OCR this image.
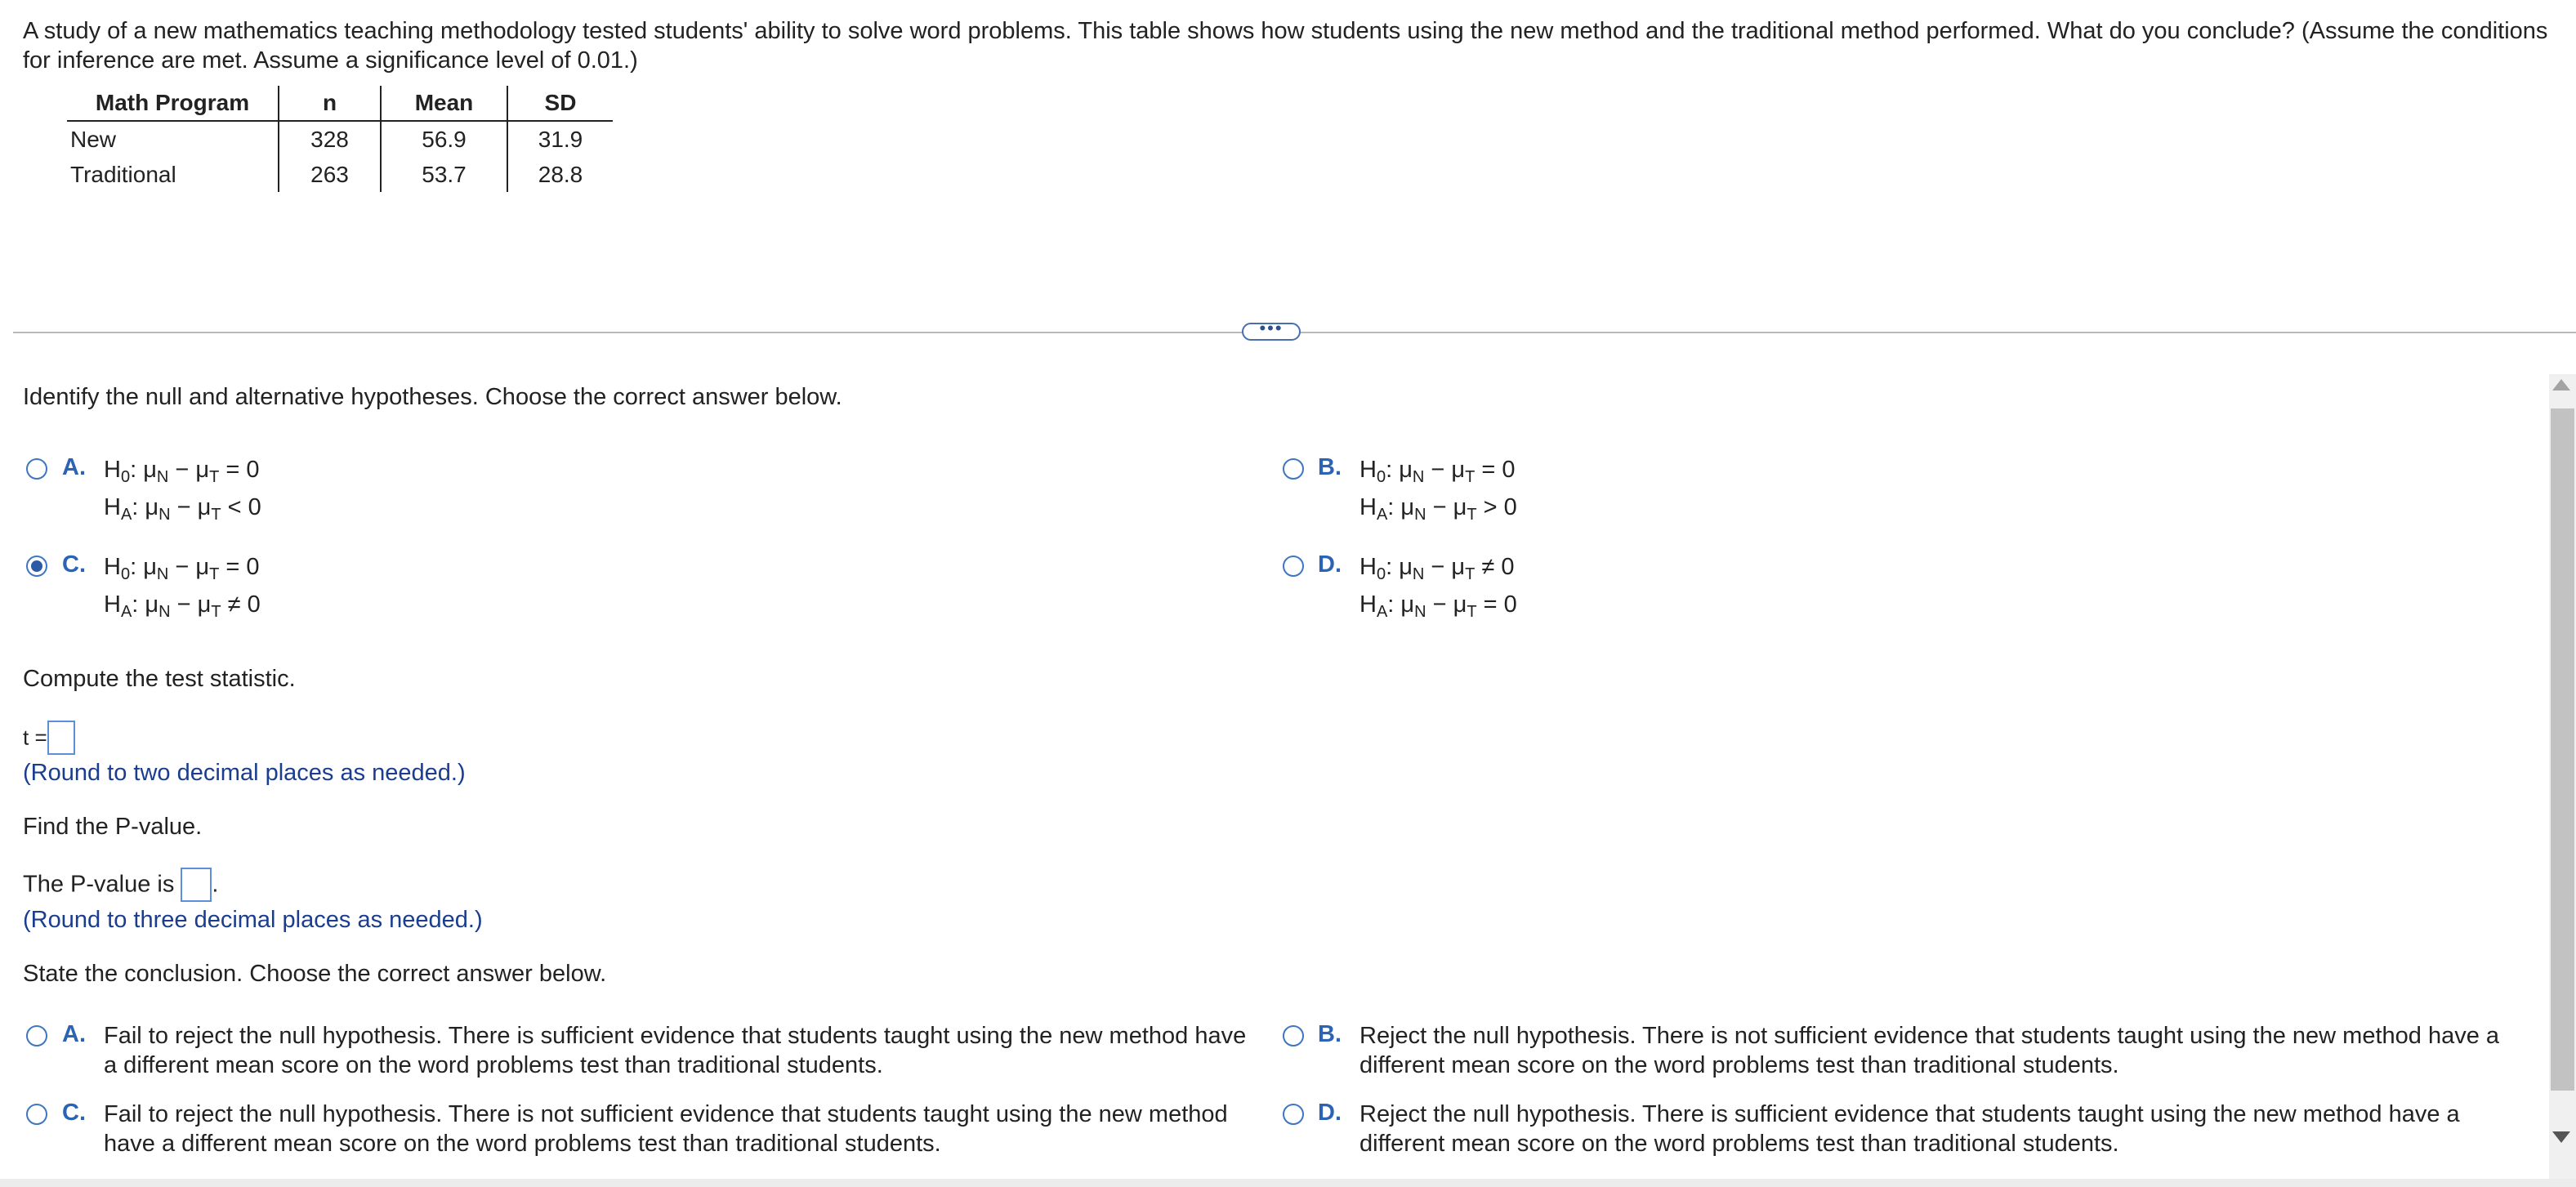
A study of a new mathematics teaching methodology tested students' ability to solve word problems. This table shows how students using the new method and the traditional method performed. What do you conclude? (Assume the conditions for inference are met. Assume a significance level of 0.01.)
Math Program	n	Mean	SD
New	328	56.9	31.9
Traditional	263	53.7	28.8
•••
Identify the null and alternative hypotheses. Choose the correct answer below.
A. $H_0$: $\mu_N - \mu_T = 0$
$H_A$: $\mu_N - \mu_T < 0$
B. $H_0$: $\mu_N - \mu_T = 0$
$H_A$: $\mu_N - \mu_T > 0$
C. $H_0$: $\mu_N - \mu_T = 0$
$H_A$: $\mu_N - \mu_T \ne 0$
D. $H_0$: $\mu_N - \mu_T \ne 0$
$H_A$: $\mu_N - \mu_T = 0$
Compute the test statistic.
t =
(Round to two decimal places as needed.)
Find the P-value.
The P-value is .
(Round to three decimal places as needed.)
State the conclusion. Choose the correct answer below.
A. Fail to reject the null hypothesis. There is sufficient evidence that students taught using the new method have
a different mean score on the word problems test than traditional students.
B. Reject the null hypothesis. There is not sufficient evidence that students taught using the new method have a
different mean score on the word problems test than traditional students.
C. Fail to reject the null hypothesis. There is not sufficient evidence that students taught using the new method
have a different mean score on the word problems test than traditional students.
D. Reject the null hypothesis. There is sufficient evidence that students taught using the new method have a
different mean score on the word problems test than traditional students.
